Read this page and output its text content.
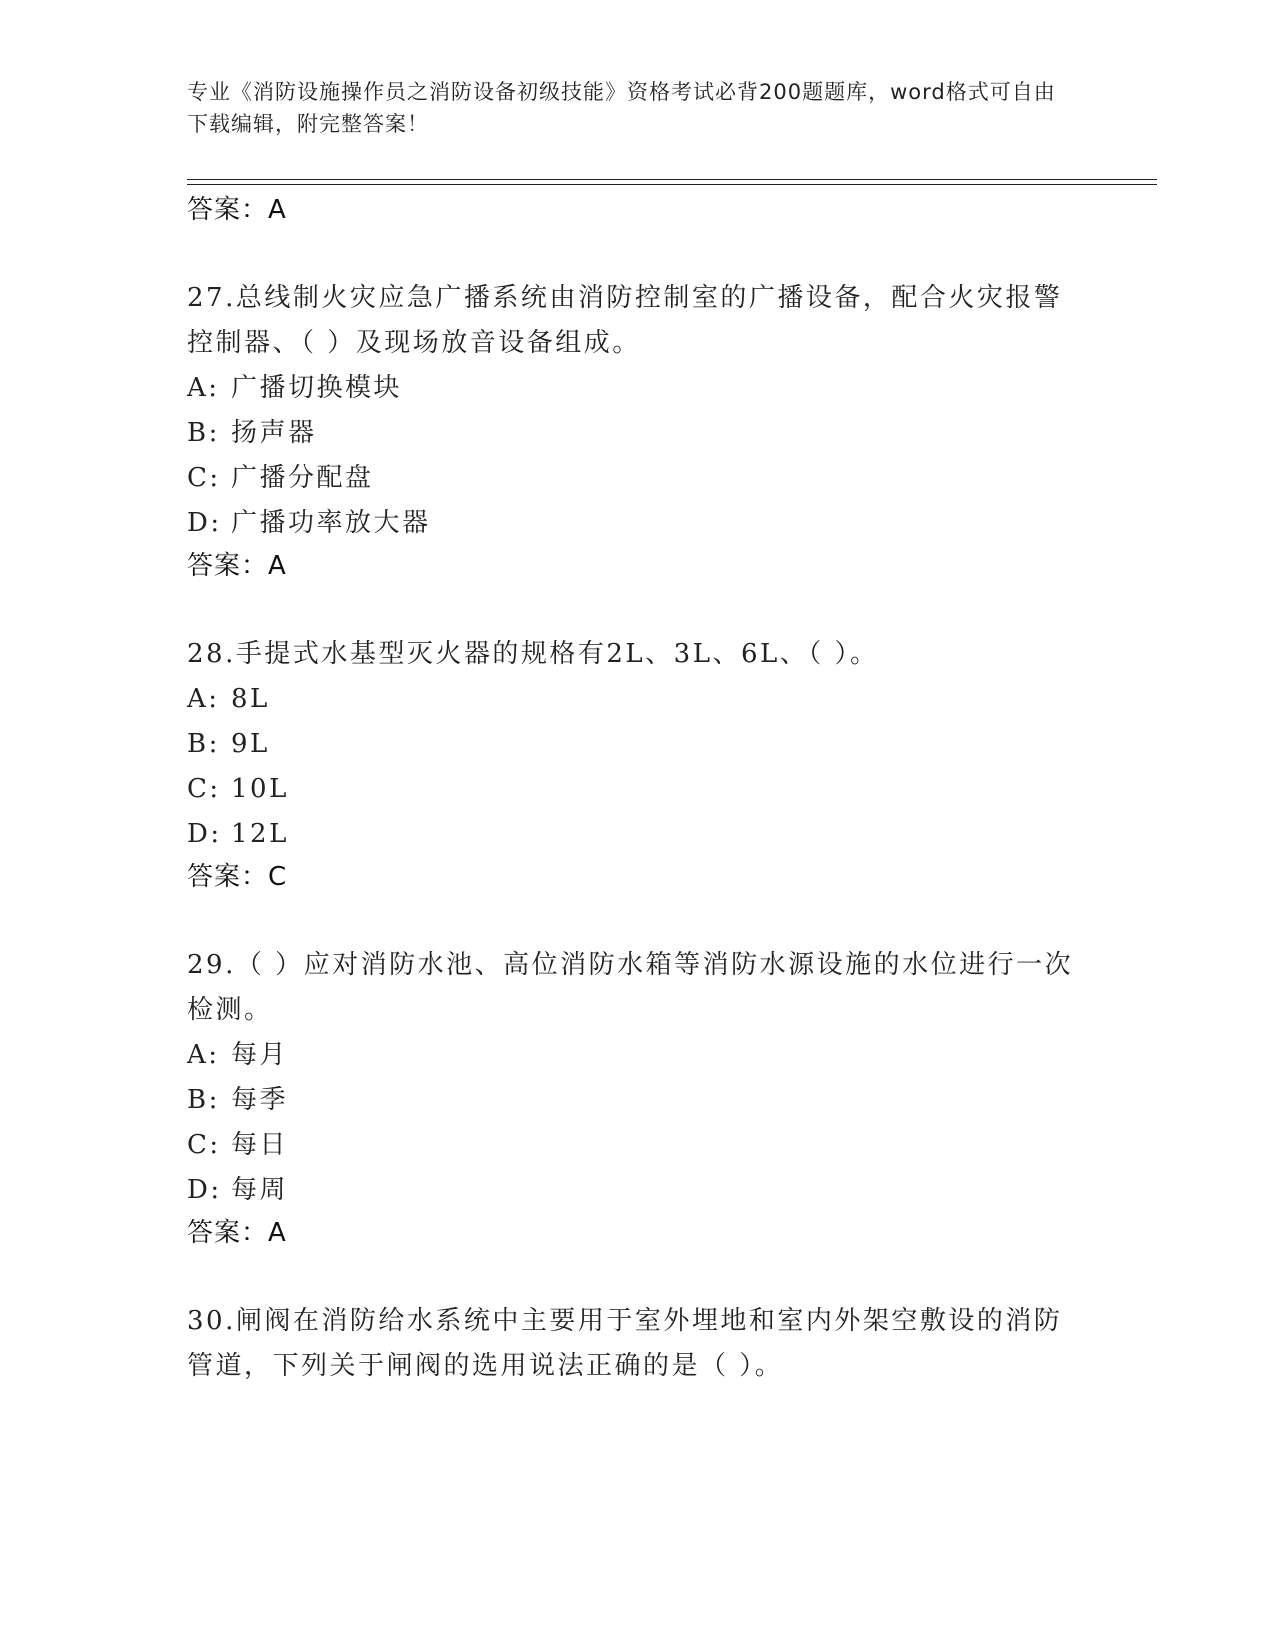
专业《消防设施操作员之消防设备初级技能》资格考试必背200题题库，word格式可自由下载编辑，附完整答案！
答案：A
27.总线制火灾应急广播系统由消防控制室的广播设备，配合火灾报警控制器、（ ）及现场放音设备组成。
A: 广播切换模块
B: 扬声器
C: 广播分配盘
D: 广播功率放大器
答案：A
28.手提式水基型灭火器的规格有2L、3L、6L、（ ）。
A: 8L
B: 9L
C: 10L
D: 12L
答案：C
29.（ ）应对消防水池、高位消防水箱等消防水源设施的水位进行一次检测。
A: 每月
B: 每季
C: 每日
D: 每周
答案：A
30.闸阀在消防给水系统中主要用于室外埋地和室内外架空敷设的消防管道，下列关于闸阀的选用说法正确的是（ ）。
